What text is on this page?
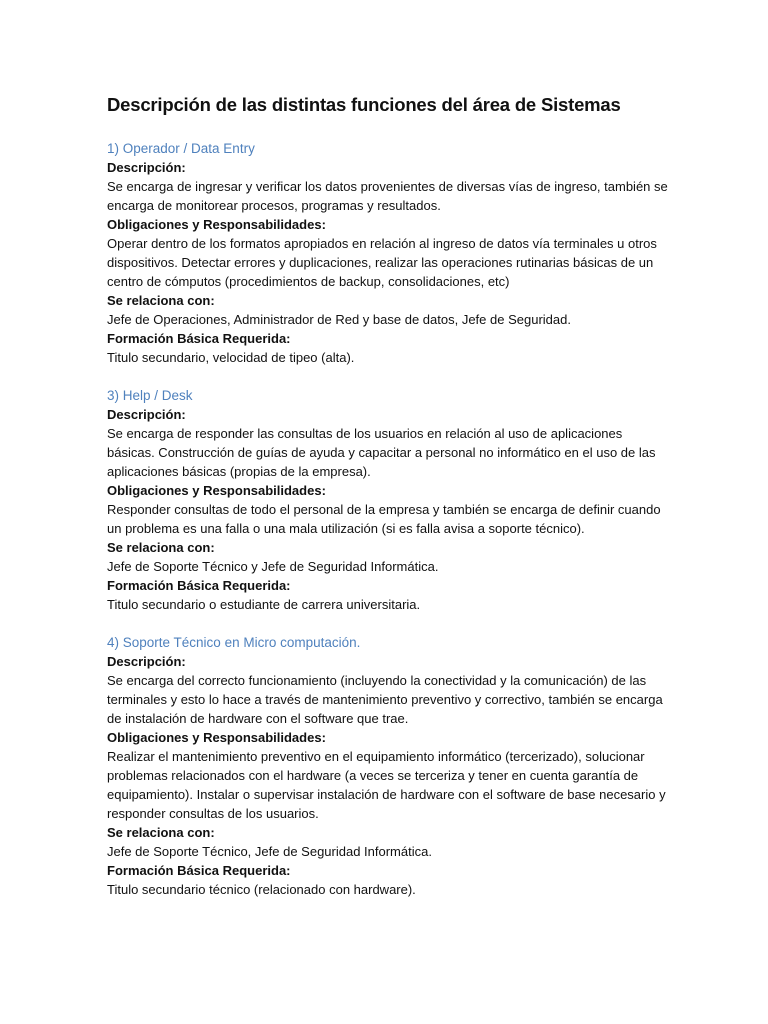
Descripción de las distintas funciones del área de Sistemas

1) Operador / Data Entry

Descripción:

Se encarga de ingresar y verificar los datos provenientes de diversas vías de ingreso, también se encarga de monitorear procesos, programas y resultados.

Obligaciones y Responsabilidades:

Operar dentro de los formatos apropiados en relación al ingreso de datos vía terminales u otros dispositivos. Detectar errores y duplicaciones, realizar las operaciones rutinarias básicas de un centro de cómputos (procedimientos de backup, consolidaciones, etc)

Se relaciona con:

Jefe de Operaciones, Administrador de Red y base de datos, Jefe de Seguridad.

Formación Básica Requerida:

Titulo secundario, velocidad de tipeo (alta).

3) Help / Desk

Descripción:

Se encarga de responder las consultas de los usuarios en relación al uso de aplicaciones básicas. Construcción de guías de ayuda y capacitar a personal no informático en el uso de las aplicaciones básicas (propias de la empresa).

Obligaciones y Responsabilidades:

Responder consultas de todo el personal de la empresa y también se encarga de definir cuando un problema es una falla o una mala utilización (si es falla avisa a soporte técnico).

Se relaciona con:

Jefe de Soporte Técnico y Jefe de Seguridad Informática.

Formación Básica Requerida:

Titulo secundario o estudiante de carrera universitaria.

4) Soporte Técnico en Micro computación.

Descripción:

Se encarga del correcto funcionamiento (incluyendo la conectividad y la comunicación) de las terminales y esto lo hace a través de mantenimiento preventivo y correctivo, también se encarga de instalación de hardware con el software que trae.

Obligaciones y Responsabilidades:

Realizar el mantenimiento preventivo en el equipamiento informático (tercerizado), solucionar problemas relacionados con el hardware (a veces se terceriza y tener en cuenta garantía de equipamiento). Instalar o supervisar instalación de hardware con el software de base necesario y responder consultas de los usuarios.

Se relaciona con:

Jefe de Soporte Técnico, Jefe de Seguridad Informática.

Formación Básica Requerida:

Titulo secundario técnico (relacionado con hardware).
